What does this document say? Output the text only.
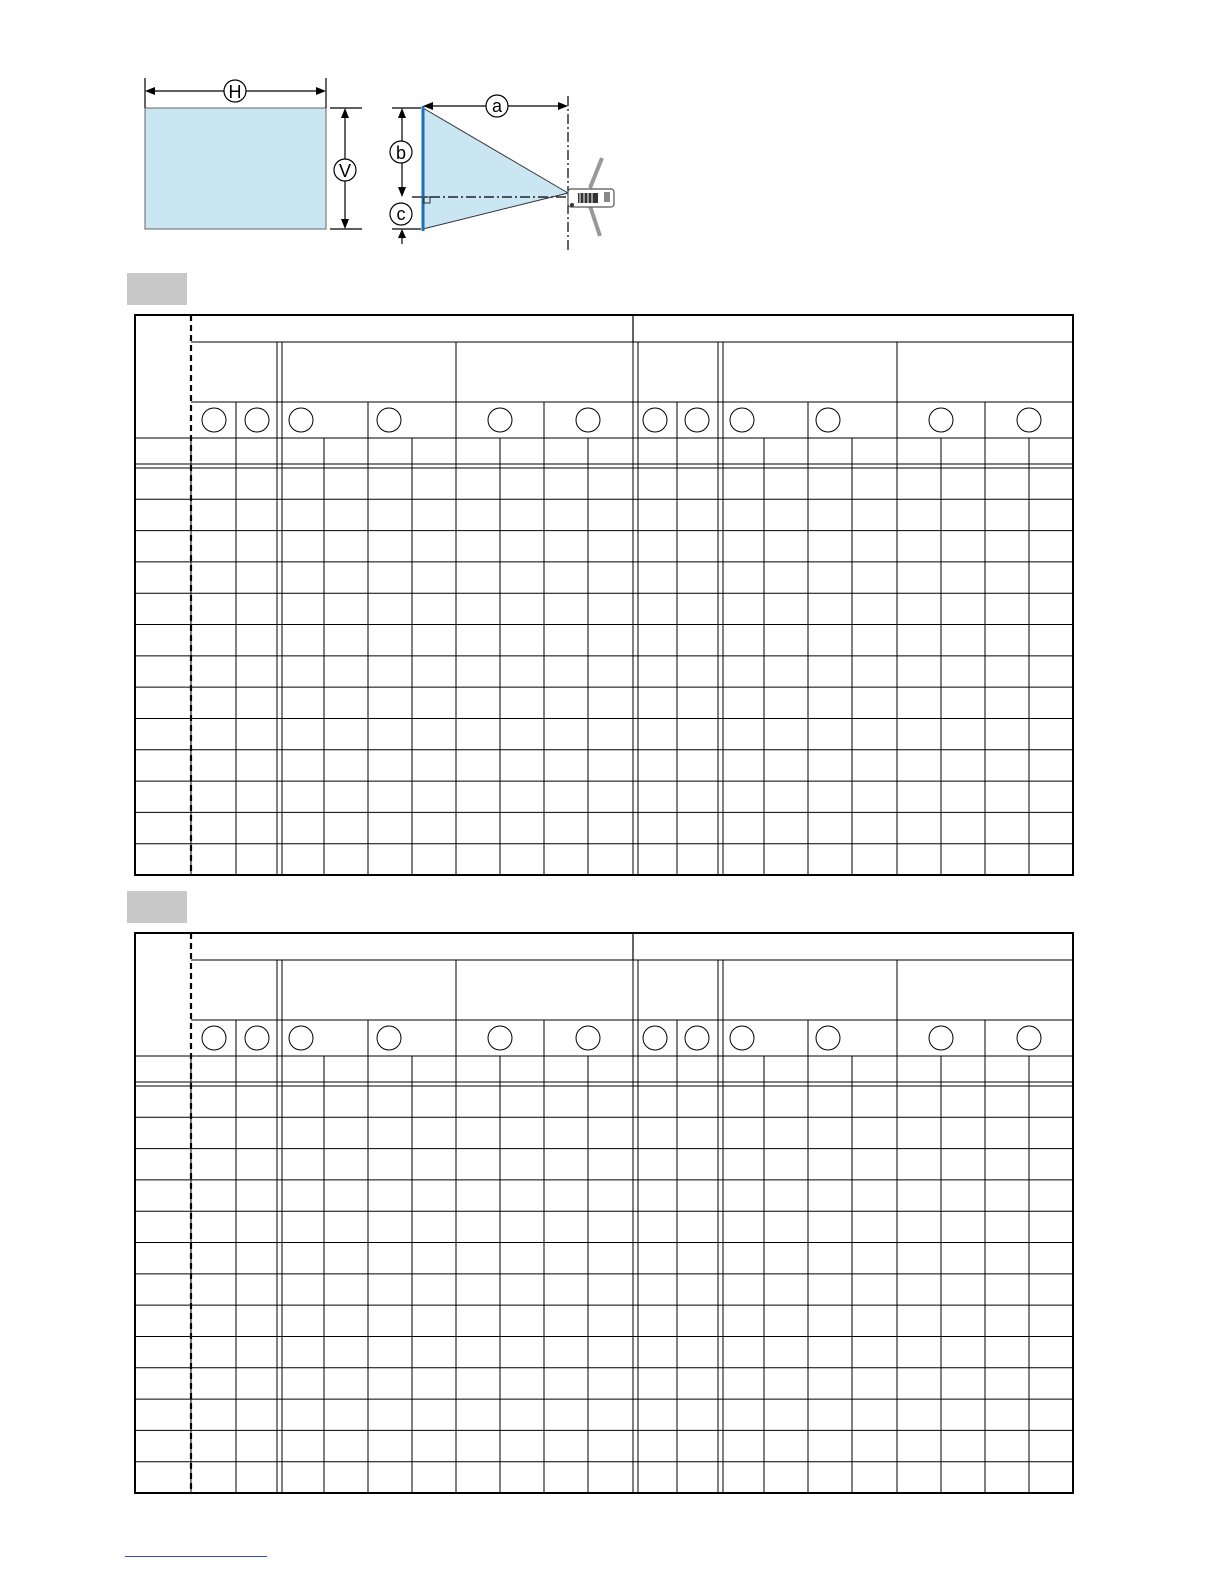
H
V
a
b
c
